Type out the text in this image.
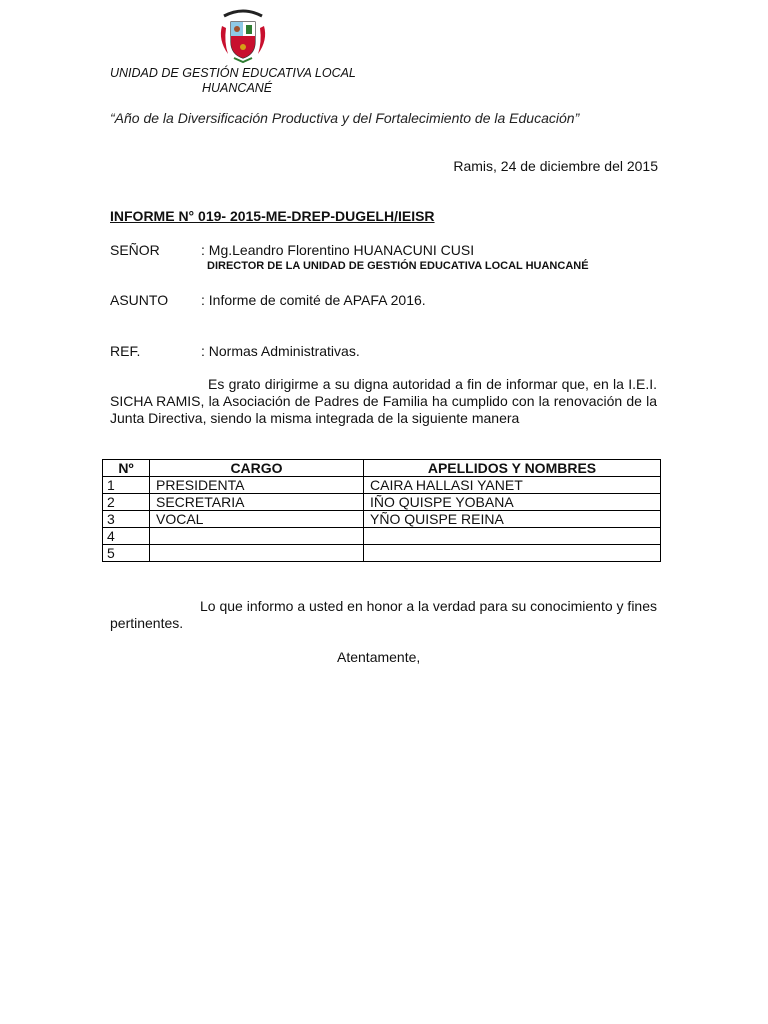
UNIDAD DE GESTIÓN EDUCATIVA LOCAL
HUANCANÉ
“Año de la Diversificación Productiva y del Fortalecimiento de la Educación”
Ramis, 24 de diciembre del 2015
INFORME N° 019- 2015-ME-DREP-DUGELH/IEISR
SEÑOR	: Mg.Leandro Florentino HUANACUNI CUSI
DIRECTOR DE LA UNIDAD DE GESTIÓN EDUCATIVA LOCAL HUANCANÉ
ASUNTO : Informe de comité de APAFA 2016.
REF.	: Normas Administrativas.
Es grato dirigirme a su digna autoridad a fin de informar que, en la I.E.I. SICHA RAMIS, la Asociación de Padres de Familia ha cumplido con la renovación de la Junta Directiva, siendo la misma integrada de la siguiente manera
Nº	CARGO	APELLIDOS Y NOMBRES
1	PRESIDENTA	CAIRA HALLASI YANET
2	SECRETARIA	IÑO QUISPE YOBANA
3	VOCAL	YÑO QUISPE REINA
4		
5		
Lo que informo a usted en honor a la verdad para su conocimiento y fines pertinentes.
Atentamente,
